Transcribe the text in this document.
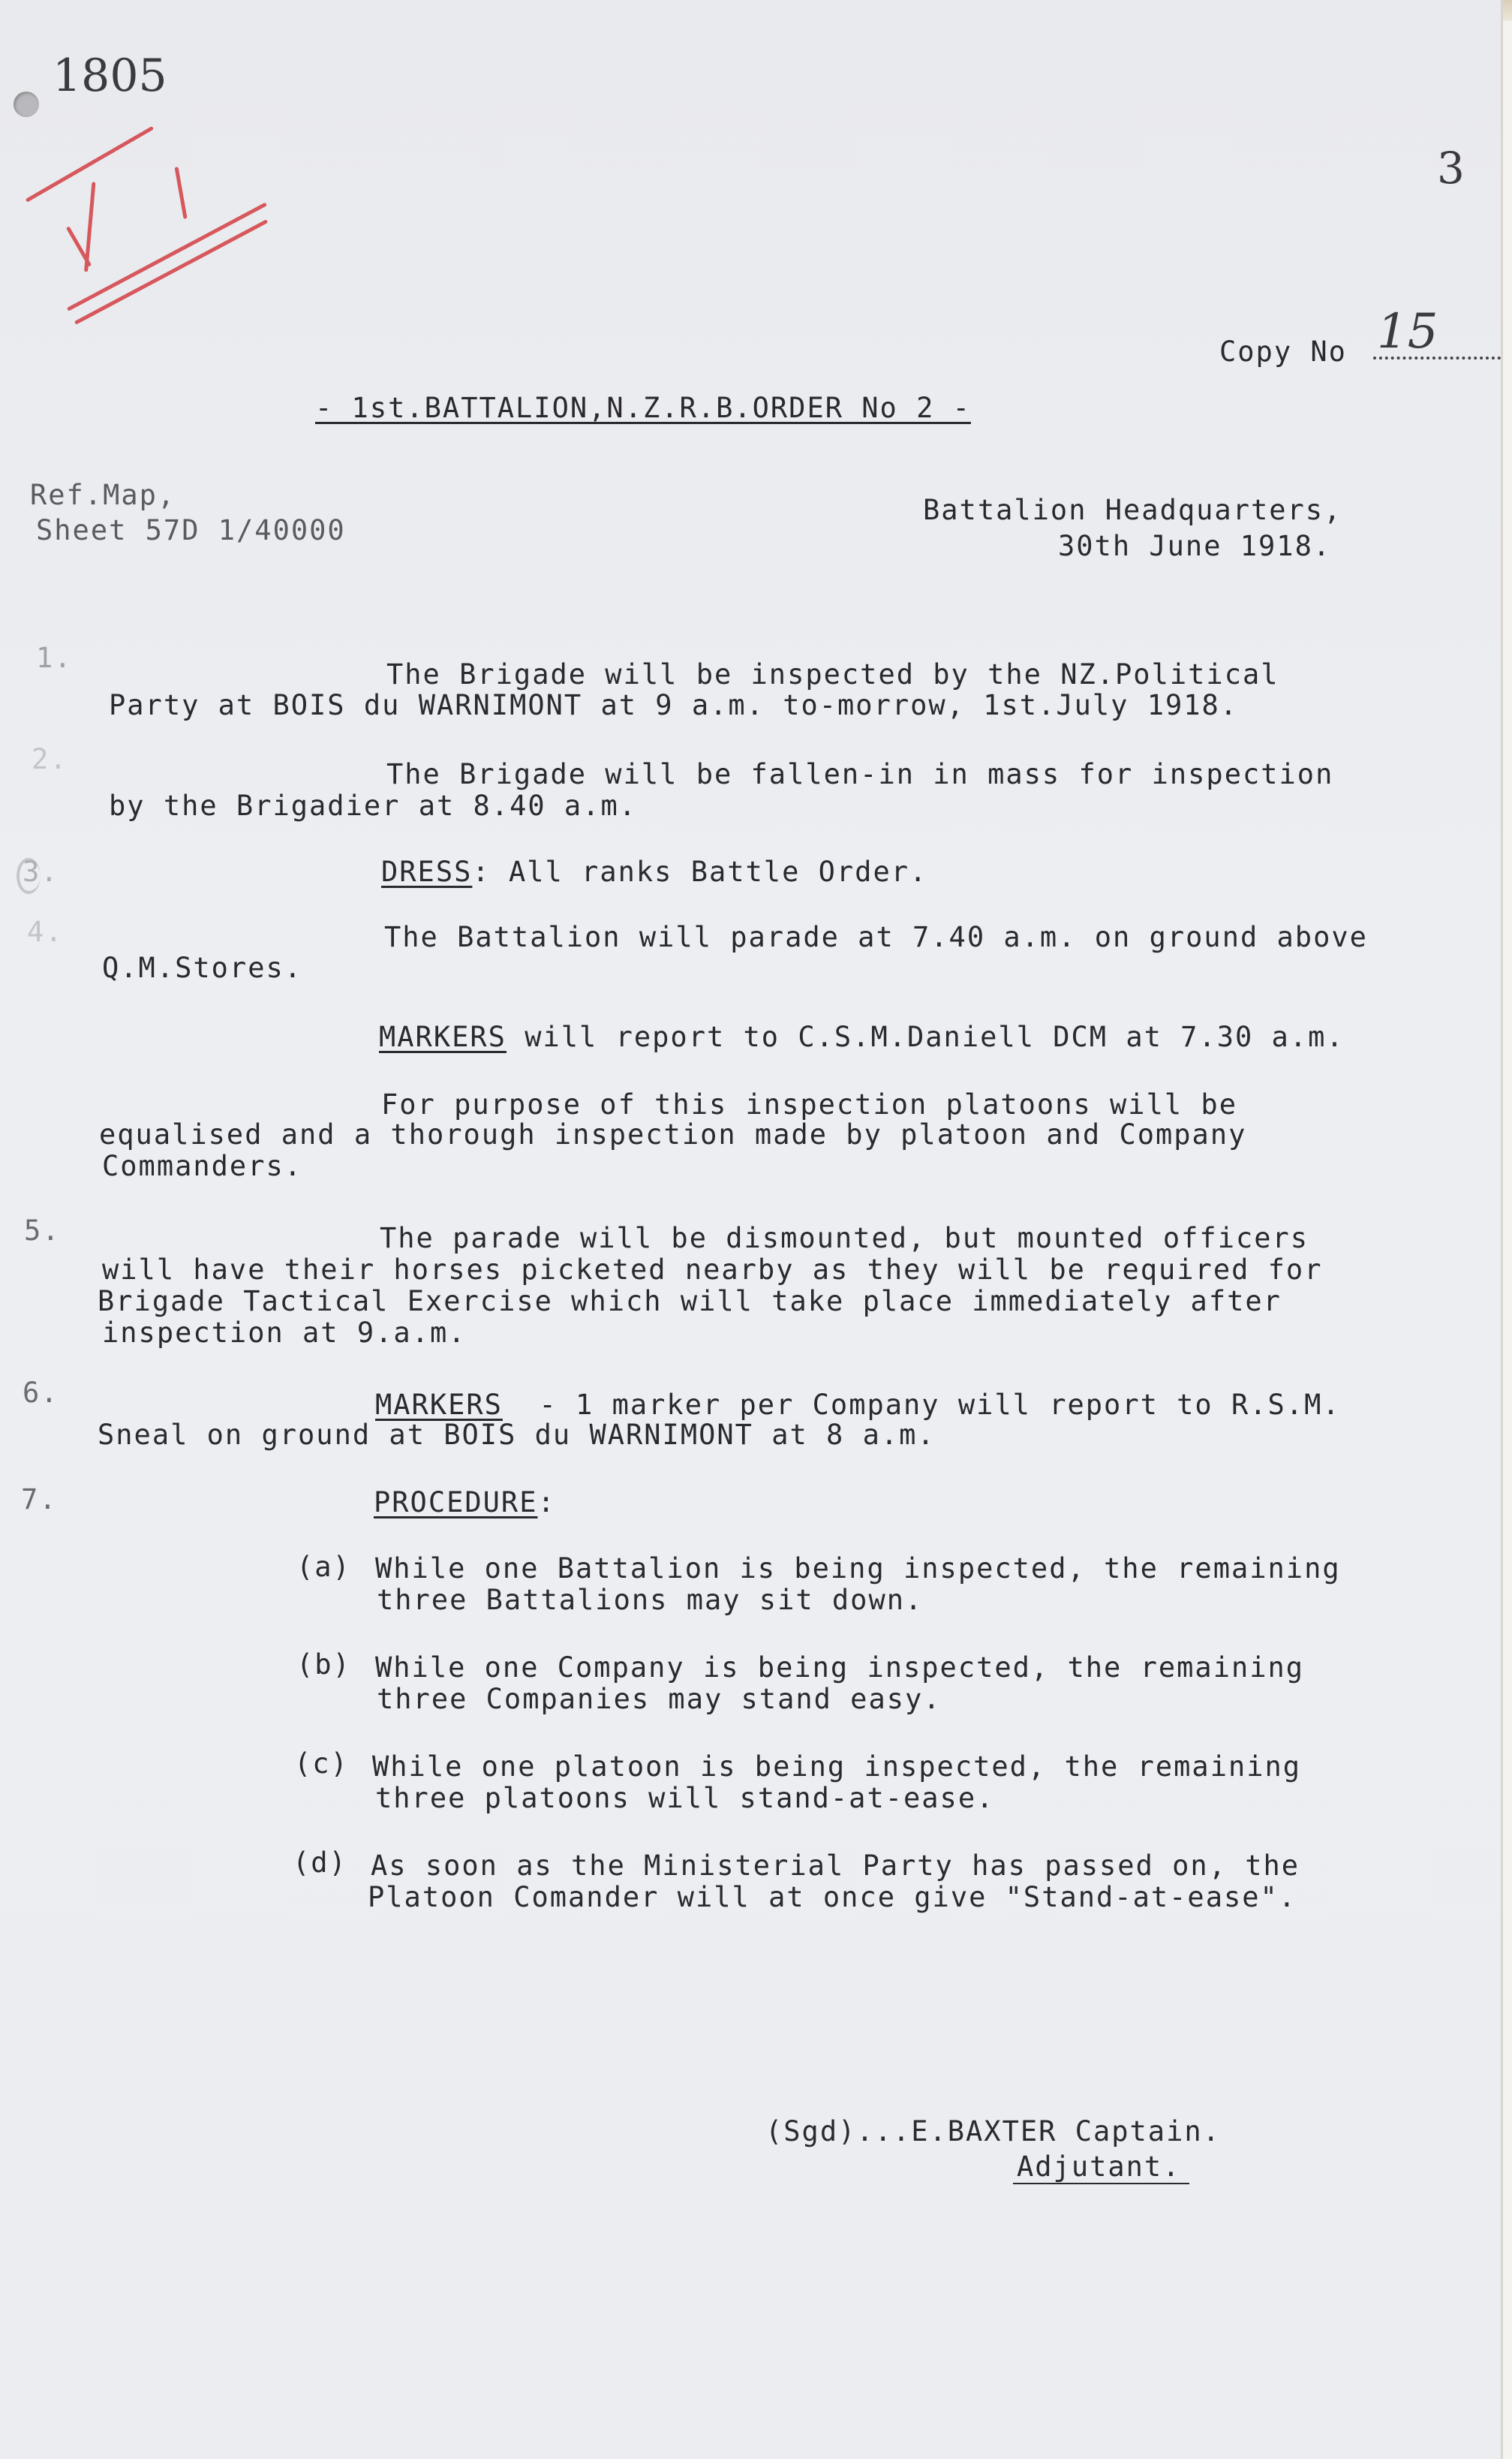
1805
3
Copy No 15
- 1st.BATTALION,N.Z.R.B.ORDER No 2 -
Ref.Map,
Sheet 57D 1/40000
Battalion Headquarters,
30th June 1918.
1.
The Brigade will be inspected by the NZ.Political
Party at BOIS du WARNIMONT at 9 a.m. to-morrow, 1st.July 1918.
2.	The Brigade will be fallen-in in mass for inspection
by the Brigadier at 8.40 a.m.
3.	DRESS: All ranks Battle Order.
4.	The Battalion will parade at 7.40 a.m. on ground above
Q.M.Stores.
MARKERS will report to C.S.M.Daniell DCM at 7.30 a.m.
For purpose of this inspection platoons will be
equalised and a thorough inspection made by platoon and Company
Commanders.
5.	The parade will be dismounted, but mounted officers
will have their horses picketed nearby as they will be required for
Brigade Tactical Exercise which will take place immediately after
inspection at 9.a.m.
6.	MARKERS - 1 marker per Company will report to R.S.M.
Sneal on ground at BOIS du WARNIMONT at 8 a.m.
7.	PROCEDURE:
(a) While one Battalion is being inspected, the remaining
three Battalions may sit down.
(b) While one Company is being inspected, the remaining
three Companies may stand easy.
(c) While one platoon is being inspected, the remaining
three platoons will stand-at-ease.
(d) As soon as the Ministerial Party has passed on, the
Platoon Comander will at once give "Stand-at-ease".
(Sgd)...E.BAXTER Captain.
Adjutant.
